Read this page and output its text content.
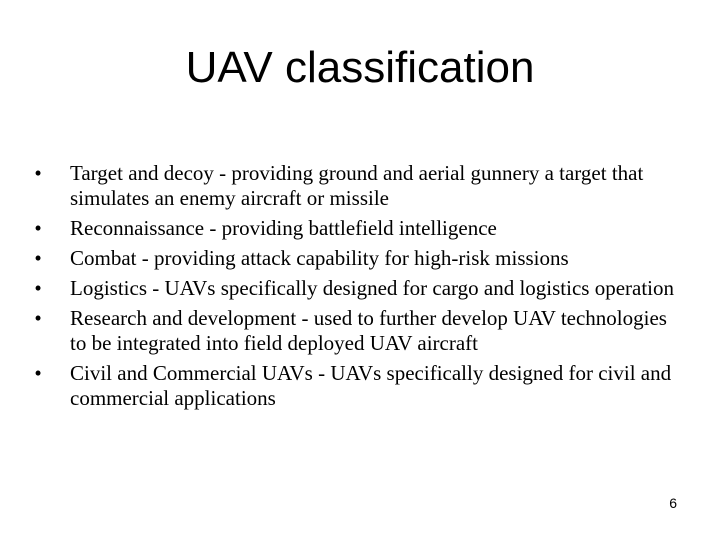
UAV classification
•	Target and decoy - providing ground and aerial gunnery a target that simulates an enemy aircraft or missile
•	Reconnaissance - providing battlefield intelligence
•	Combat - providing attack capability for high-risk missions
•	Logistics - UAVs specifically designed for cargo and logistics operation
•	Research and development - used to further develop UAV technologies to be integrated into field deployed UAV aircraft
•	Civil and Commercial UAVs - UAVs specifically designed for civil and commercial applications
6
